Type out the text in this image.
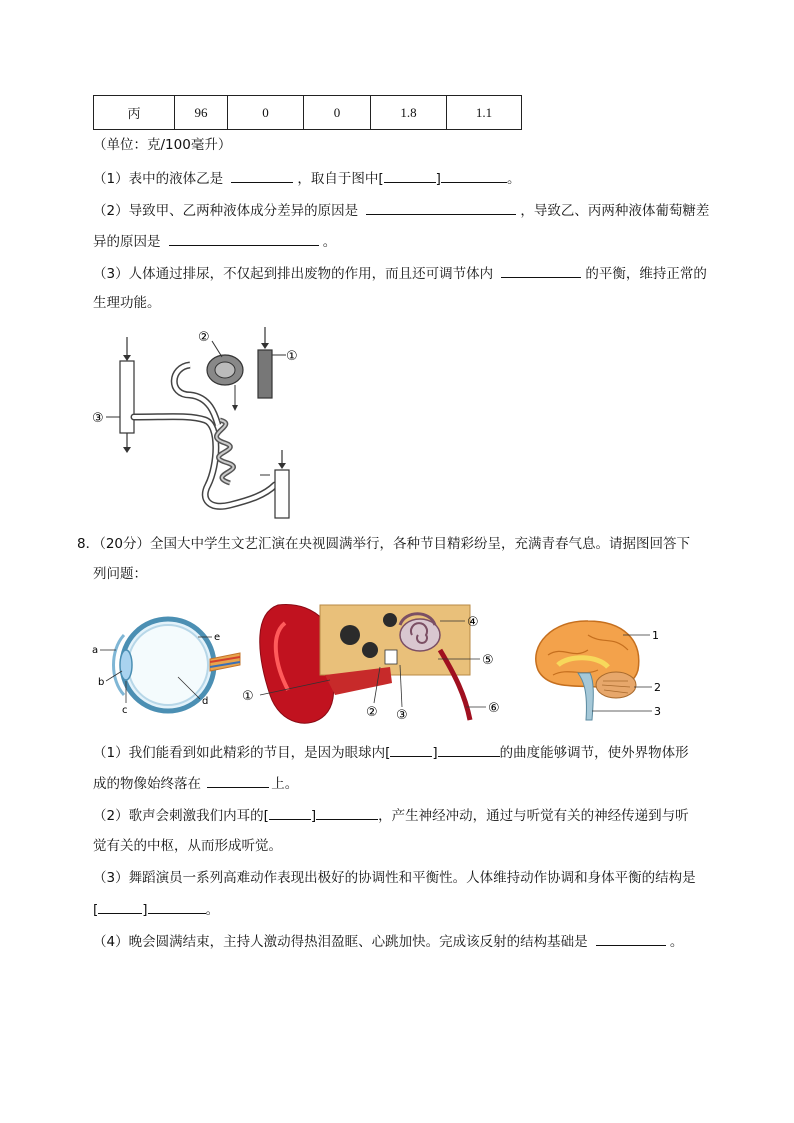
丙	96	0	0	1.8	1.1
（单位：克/100毫升）
（1）表中的液体乙是	，取自于图中[	]	。
（2）导致甲、乙两种液体成分差异的原因是	，导致乙、丙两种液体葡萄糖差
异的原因是	。
（3）人体通过排尿，不仅起到排出废物的作用，而且还可调节体内	的平衡，维持正常的
生理功能。
②
①
③
8．（20分）全国大中学生文艺汇演在央视圆满举行，各种节目精彩纷呈，充满青春气息。请据图回答下
列问题：
a
b
c
d
e
④
⑤
⑥
①
② ③
1
2
3
（1）我们能看到如此精彩的节目，是因为眼球内[	]	的曲度能够调节，使外界物体形
成的物像始终落在	上。
（2）歌声会刺激我们内耳的[	]	，产生神经冲动，通过与听觉有关的神经传递到与听
觉有关的中枢，从而形成听觉。
（3）舞蹈演员一系列高难动作表现出极好的协调性和平衡性。人体维持动作协调和身体平衡的结构是
[	]	。
（4）晚会圆满结束，主持人激动得热泪盈眶、心跳加快。完成该反射的结构基础是	。
